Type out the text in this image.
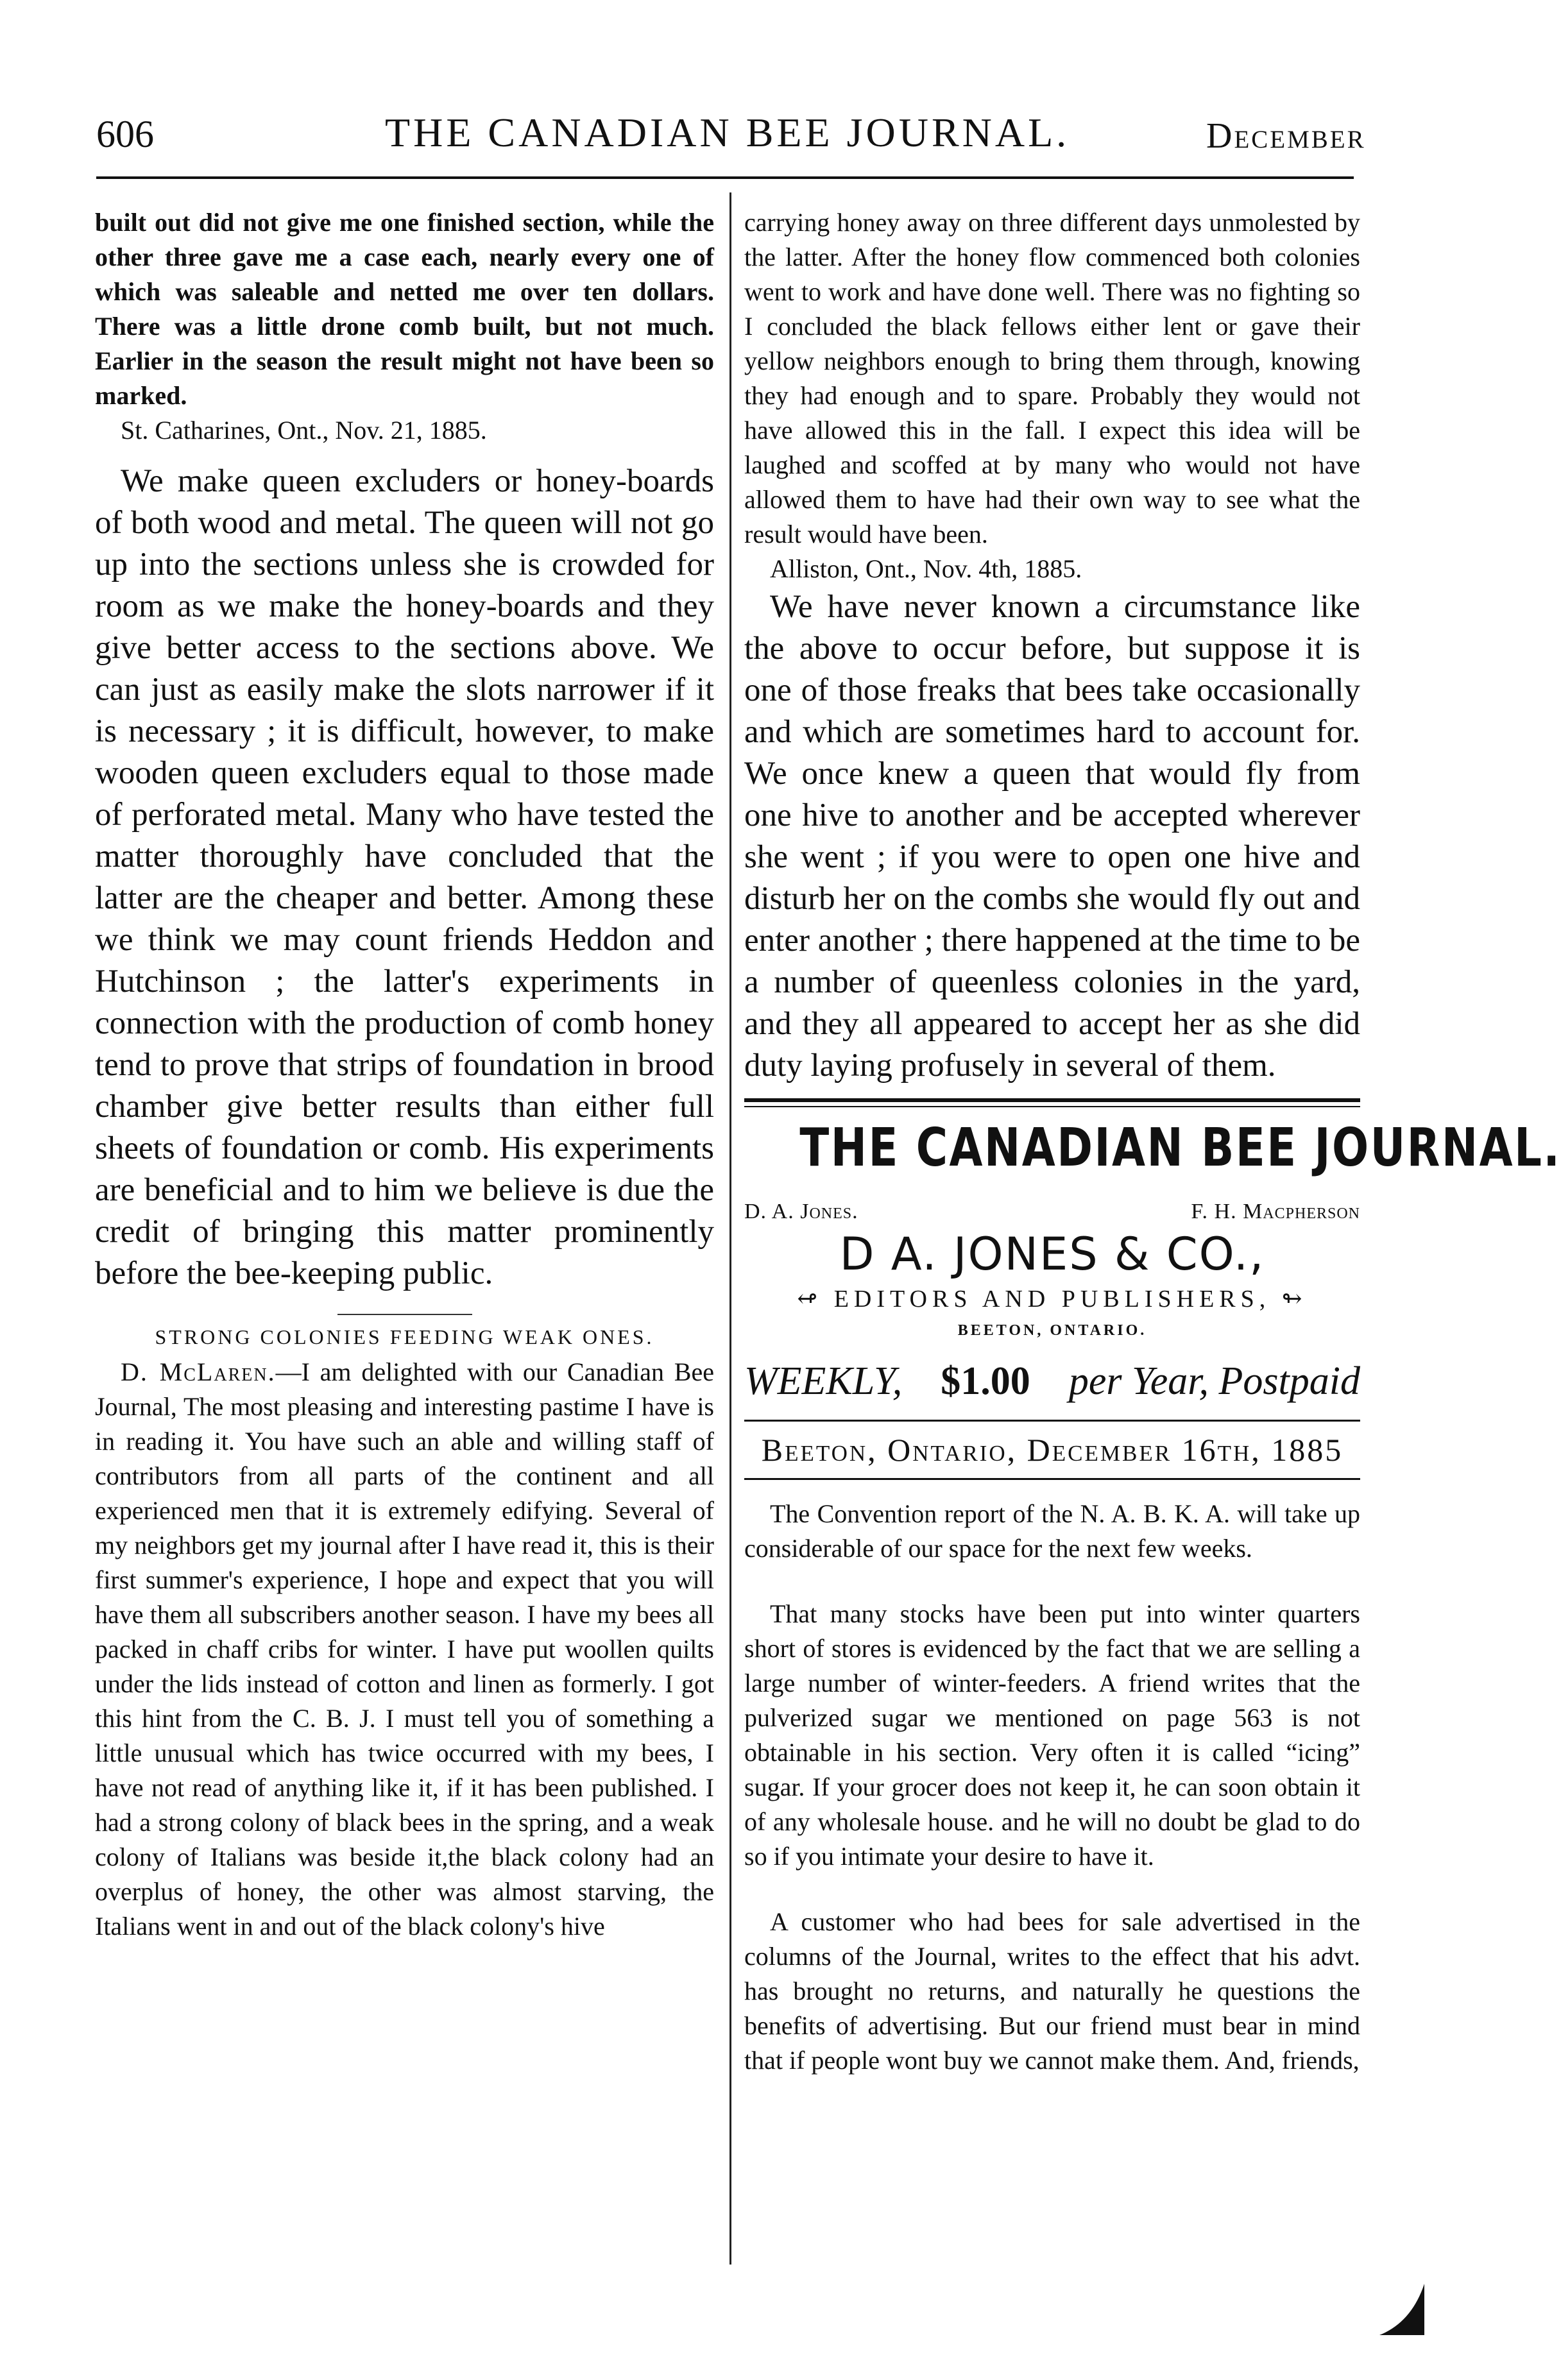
606	THE CANADIAN BEE JOURNAL.	December

built out did not give me one finished section, while the other three gave me a case each, nearly every one of which was saleable and netted me over ten dollars. There was a little drone comb built, but not much. Earlier in the season the result might not have been so marked.

St. Catharines, Ont., Nov. 21, 1885.

We make queen excluders or honey-boards of both wood and metal. The queen will not go up into the sections unless she is crowded for room as we make the honey-boards and they give better access to the sections above. We can just as easily make the slots narrower if it is necessary ; it is difficult, however, to make wooden queen excluders equal to those made of perforated metal. Many who have tested the matter thoroughly have concluded that the latter are the cheaper and better. Among these we think we may count friends Heddon and Hutchinson ; the latter's experiments in connection with the production of comb honey tend to prove that strips of foundation in brood chamber give better results than either full sheets of foundation or comb. His experiments are beneficial and to him we believe is due the credit of bringing this matter prominently before the bee-keeping public.

STRONG COLONIES FEEDING WEAK ONES.

D. McLaren.—I am delighted with our Canadian Bee Journal, The most pleasing and interesting pastime I have is in reading it. You have such an able and willing staff of contributors from all parts of the continent and all experienced men that it is extremely edifying. Several of my neighbors get my journal after I have read it, this is their first summer's experience, I hope and expect that you will have them all subscribers another season. I have my bees all packed in chaff cribs for winter. I have put woollen quilts under the lids instead of cotton and linen as formerly. I got this hint from the C. B. J. I must tell you of something a little unusual which has twice occurred with my bees, I have not read of anything like it, if it has been published. I had a strong colony of black bees in the spring, and a weak colony of Italians was beside it,the black colony had an overplus of honey, the other was almost starving, the Italians went in and out of the black colony's hive

carrying honey away on three different days unmolested by the latter. After the honey flow commenced both colonies went to work and have done well. There was no fighting so I concluded the black fellows either lent or gave their yellow neighbors enough to bring them through, knowing they had enough and to spare. Probably they would not have allowed this in the fall. I expect this idea will be laughed and scoffed at by many who would not have allowed them to have had their own way to see what the result would have been.

Alliston, Ont., Nov. 4th, 1885.

We have never known a circumstance like the above to occur before, but suppose it is one of those freaks that bees take occasionally and which are sometimes hard to account for. We once knew a queen that would fly from one hive to another and be accepted wherever she went ; if you were to open one hive and disturb her on the combs she would fly out and enter another ; there happened at the time to be a number of queenless colonies in the yard, and they all appeared to accept her as she did duty laying profusely in several of them.

THE CANADIAN BEE JOURNAL.
D. A. Jones.	F. H. Macpherson
D A. JONES & CO.,
↫ EDITORS AND PUBLISHERS, ↬
BEETON, ONTARIO.
WEEKLY, $1.00 per Year, Postpaid
Beeton, Ontario, December 16th, 1885

The Convention report of the N. A. B. K. A. will take up considerable of our space for the next few weeks.

That many stocks have been put into winter quarters short of stores is evidenced by the fact that we are selling a large number of winter-feeders. A friend writes that the pulverized sugar we mentioned on page 563 is not obtainable in his section. Very often it is called “icing” sugar. If your grocer does not keep it, he can soon obtain it of any wholesale house. and he will no doubt be glad to do so if you intimate your desire to have it.

A customer who had bees for sale advertised in the columns of the Journal, writes to the effect that his advt. has brought no returns, and naturally he questions the benefits of advertising. But our friend must bear in mind that if people wont buy we cannot make them. And, friends,
